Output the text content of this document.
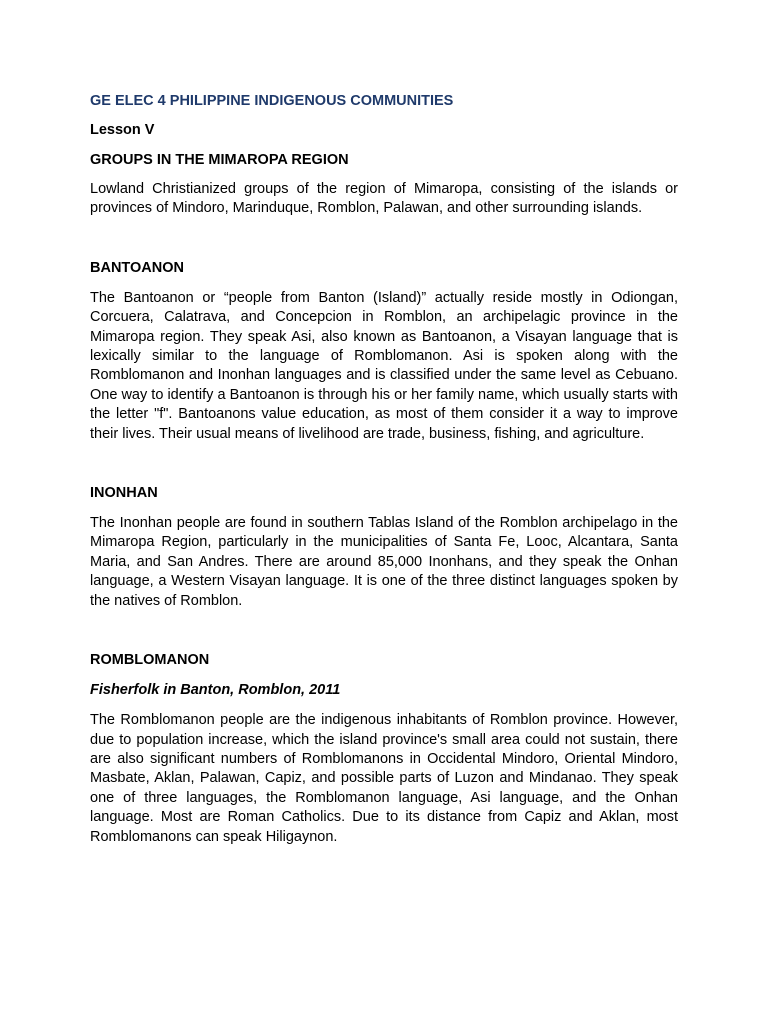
GE ELEC 4 PHILIPPINE INDIGENOUS COMMUNITIES
Lesson V
GROUPS IN THE MIMAROPA REGION

Lowland Christianized groups of the region of Mimaropa, consisting of the islands or provinces of Mindoro, Marinduque, Romblon, Palawan, and other surrounding islands.

BANTOANON

The Bantoanon or “people from Banton (Island)” actually reside mostly in Odiongan, Corcuera, Calatrava, and Concepcion in Romblon, an archipelagic province in the Mimaropa region. They speak Asi, also known as Bantoanon, a Visayan language that is lexically similar to the language of Romblomanon. Asi is spoken along with the Romblomanon and Inonhan languages and is classified under the same level as Cebuano. One way to identify a Bantoanon is through his or her family name, which usually starts with the letter "f". Bantoanons value education, as most of them consider it a way to improve their lives. Their usual means of livelihood are trade, business, fishing, and agriculture.

INONHAN

The Inonhan people are found in southern Tablas Island of the Romblon archipelago in the Mimaropa Region, particularly in the municipalities of Santa Fe, Looc, Alcantara, Santa Maria, and San Andres. There are around 85,000 Inonhans, and they speak the Onhan language, a Western Visayan language. It is one of the three distinct languages spoken by the natives of Romblon.

ROMBLOMANON
Fisherfolk in Banton, Romblon, 2011

The Romblomanon people are the indigenous inhabitants of Romblon province. However, due to population increase, which the island province's small area could not sustain, there are also significant numbers of Romblomanons in Occidental Mindoro, Oriental Mindoro, Masbate, Aklan, Palawan, Capiz, and possible parts of Luzon and Mindanao. They speak one of three languages, the Romblomanon language, Asi language, and the Onhan language. Most are Roman Catholics. Due to its distance from Capiz and Aklan, most Romblomanons can speak Hiligaynon.
